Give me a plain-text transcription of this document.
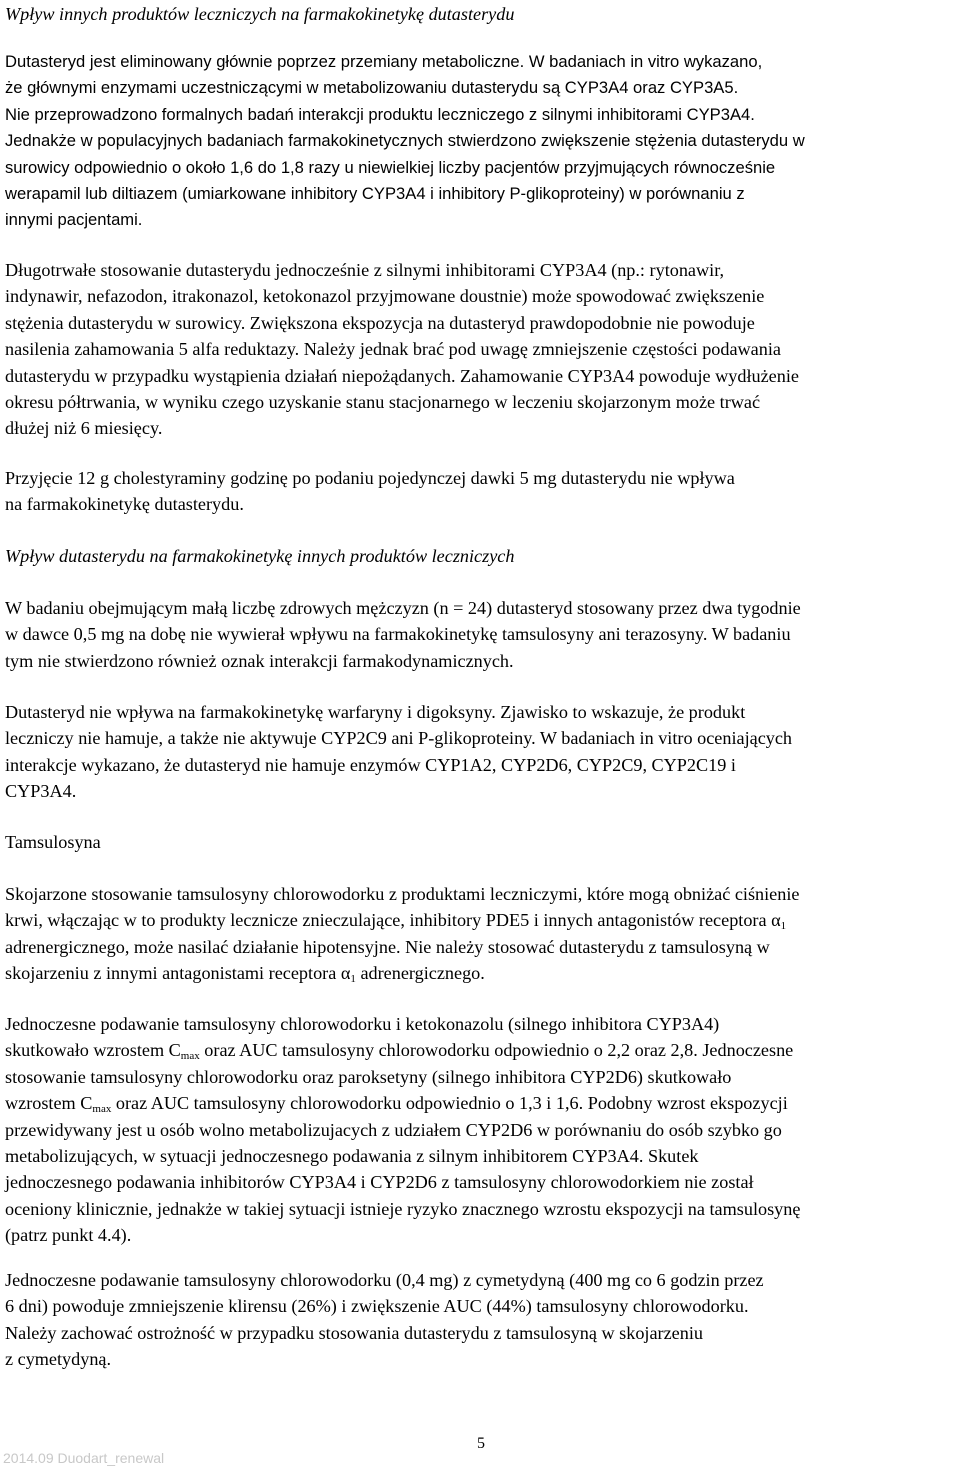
Wpływ innych produktów leczniczych na farmakokinetykę dutasterydu
Dutasteryd jest eliminowany głównie poprzez przemiany metaboliczne. W badaniach in vitro wykazano,
że głównymi enzymami uczestniczącymi w metabolizowaniu dutasterydu są CYP3A4 oraz CYP3A5.
Nie przeprowadzono formalnych badań interakcji produktu leczniczego z silnymi inhibitorami CYP3A4.
Jednakże w populacyjnych badaniach farmakokinetycznych stwierdzono zwiększenie stężenia dutasterydu w
surowicy odpowiednio o około 1,6 do 1,8 razy u niewielkiej liczby pacjentów przyjmujących równocześnie
werapamil lub diltiazem (umiarkowane inhibitory CYP3A4 i inhibitory P-glikoproteiny) w porównaniu z
innymi pacjentami.
Długotrwałe stosowanie dutasterydu jednocześnie z silnymi inhibitorami CYP3A4 (np.: rytonawir,
indynawir, nefazodon, itrakonazol, ketokonazol przyjmowane doustnie) może spowodować zwiększenie
stężenia dutasterydu w surowicy. Zwiększona ekspozycja na dutasteryd prawdopodobnie nie powoduje
nasilenia zahamowania 5 alfa reduktazy. Należy jednak brać pod uwagę zmniejszenie częstości podawania
dutasterydu w przypadku wystąpienia działań niepożądanych. Zahamowanie CYP3A4 powoduje wydłużenie
okresu półtrwania, w wyniku czego uzyskanie stanu stacjonarnego w leczeniu skojarzonym może trwać
dłużej niż 6 miesięcy.
Przyjęcie 12 g cholestyraminy godzinę po podaniu pojedynczej dawki 5 mg dutasterydu nie wpływa
na farmakokinetykę dutasterydu.
Wpływ dutasterydu na farmakokinetykę innych produktów leczniczych
W badaniu obejmującym małą liczbę zdrowych mężczyzn (n = 24) dutasteryd stosowany przez dwa tygodnie
w dawce 0,5 mg na dobę nie wywierał wpływu na farmakokinetykę tamsulosyny ani terazosyny. W badaniu
tym nie stwierdzono również oznak interakcji farmakodynamicznych.
Dutasteryd nie wpływa na farmakokinetykę warfaryny i digoksyny. Zjawisko to wskazuje, że produkt
leczniczy nie hamuje, a także nie aktywuje CYP2C9 ani P-glikoproteiny. W badaniach in vitro oceniających
interakcje wykazano, że dutasteryd nie hamuje enzymów CYP1A2, CYP2D6, CYP2C9, CYP2C19 i
CYP3A4.
Tamsulosyna
Skojarzone stosowanie tamsulosyny chlorowodorku z produktami leczniczymi, które mogą obniżać ciśnienie
krwi, włączając w to produkty lecznicze znieczulające, inhibitory PDE5 i innych antagonistów receptora $\alpha_1$
adrenergicznego, może nasilać działanie hipotensyjne. Nie należy stosować dutasterydu z tamsulosyną w
skojarzeniu z innymi antagonistami receptora $\alpha_1$ adrenergicznego.
Jednoczesne podawanie tamsulosyny chlorowodorku i ketokonazolu (silnego inhibitora CYP3A4)
skutkowało wzrostem $C_{max}$ oraz AUC tamsulosyny chlorowodorku odpowiednio o 2,2 oraz 2,8. Jednoczesne
stosowanie tamsulosyny chlorowodorku oraz paroksetyny (silnego inhibitora CYP2D6) skutkowało
wzrostem $C_{max}$ oraz AUC tamsulosyny chlorowodorku odpowiednio o 1,3 i 1,6. Podobny wzrost ekspozycji
przewidywany jest u osób wolno metabolizujacych z udziałem CYP2D6 w porównaniu do osób szybko go
metabolizujących, w sytuacji jednoczesnego podawania z silnym inhibitorem CYP3A4. Skutek
jednoczesnego podawania inhibitorów CYP3A4 i CYP2D6 z tamsulosyny chlorowodorkiem nie został
oceniony klinicznie, jednakże w takiej sytuacji istnieje ryzyko znacznego wzrostu ekspozycji na tamsulosynę
(patrz punkt 4.4).
Jednoczesne podawanie tamsulosyny chlorowodorku (0,4 mg) z cymetydyną (400 mg co 6 godzin przez
6 dni) powoduje zmniejszenie klirensu (26%) i zwiększenie AUC (44%) tamsulosyny chlorowodorku.
Należy zachować ostrożność w przypadku stosowania dutasterydu z tamsulosyną w skojarzeniu
z cymetydyną.
5
2014.09 Duodart_renewal
